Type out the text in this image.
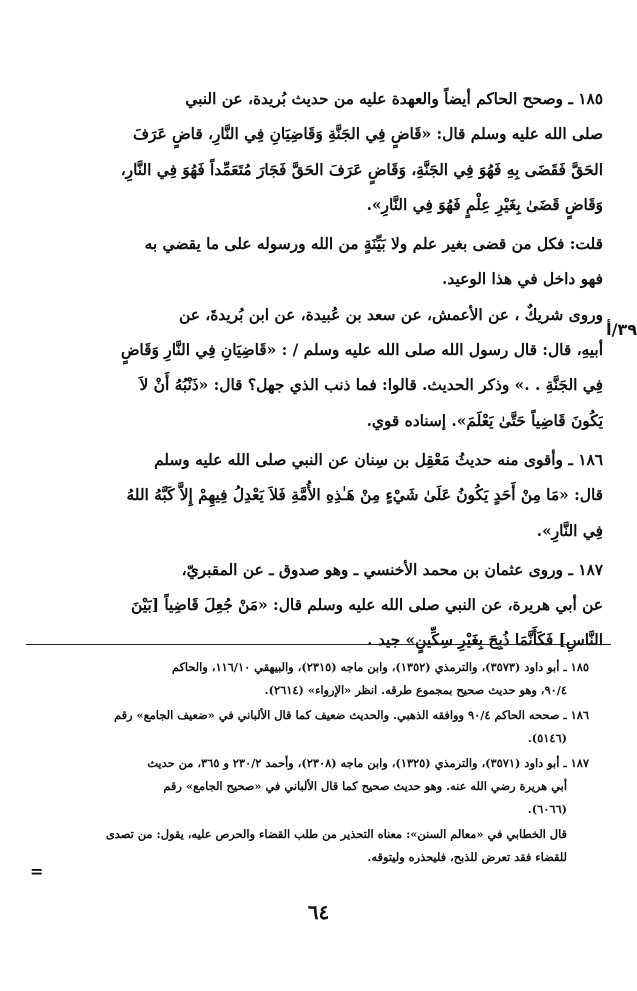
١٨٥ ـ وصحح الحاكم أيضاً والعهدة عليه من حديث بُريدة، عن النبي
صلى الله عليه وسلم قال: «قَاضٍ فِي الجَنَّةِ وَقَاضِيَانِ فِي النَّارِ، قاضٍ عَرَفَ
الحَقَّ فَقَضَى بِهِ فَهُوَ فِي الجَنَّةِ، وَقَاضٍ عَرَفَ الحَقَّ فَجَارَ مُتَعَمِّداً فَهُوَ فِي النَّارِ،
وَقَاضٍ قَضَىٰ بِغَيْرِ عِلْمٍ فَهُوَ فِي النَّارِ».

قلت: فكل من قضى بغير علم ولا بَيِّنَةٍ من الله ورسوله على ما يقضي به
فهو داخل في هذا الوعيد.

وروى شريكٌ ، عن الأعمش، عن سعد بن عُبيدة، عن ابن بُريدةَ، عن
أبيهِ، قال: قال رسول الله صلى الله عليه وسلم / : «قَاضِيَانِ فِي النَّارِ وَقَاضٍ
فِي الجَنَّةِ . .» وذكر الحديث. قالوا: فما ذنب الذي جهل؟ قال: «ذَنْبُهُ أَنْ لاَ
يَكُونَ قَاضِياً حَتَّىٰ يَعْلَمَ». إسناده قوي.

١٨٦ ـ وأقوى منه حديثُ مَعْقِل بن سِنان عن النبي صلى الله عليه وسلم
قال: «مَا مِنْ أَحَدٍ يَكُونُ عَلَىٰ شَيْءٍ مِنْ هَـٰذِهِ الأُمَّةِ فَلاَ يَعْدِلُ فِيهِمْ إِلاَّ كَبَّهُ اللهُ
فِي النَّارِ».

١٨٧ ـ وروى عثمان بن محمد الأخنسي ـ وهو صدوق ـ عن المقبريّ،
عن أبي هريرة، عن النبي صلى الله عليه وسلم قال: «مَنْ جُعِلَ قَاضِياً [بَيْنَ
النَّاسِ] فَكَأَنَّمَا ذُبِحَ بِغَيْرِ سِكِّينٍ» جيد .

٣٩/أ

١٨٥ ـ أبو داود (٣٥٧٣)، والترمذي (١٣٥٢)، وابن ماجه (٢٣١٥)، والبيهقي ١١٦/١٠، والحاكم
٩٠/٤، وهو حديث صحيح بمجموع طرقه. انظر «الإرواء» (٢٦١٤).

١٨٦ ـ صححه الحاكم ٩٠/٤ ووافقه الذهبي. والحديث ضعيف كما قال الألباني في «ضعيف الجامع» رقم
(٥١٤٦).

١٨٧ ـ أبو داود (٣٥٧١)، والترمذي (١٣٢٥)، وابن ماجه (٢٣٠٨)، وأحمد ٢٣٠/٢ و ٣٦٥، من حديث
أبي هريرة رضي الله عنه. وهو حديث صحيح كما قال الألباني في «صحيح الجامع» رقم
(٦٠٦٦).

قال الخطابي في «معالم السنن»: معناه التحذير من طلب القضاء والحرص عليه، يقول: من تصدى
للقضاء فقد تعرض للذبح، فليحذره وليتوقه.

=
٦٤
